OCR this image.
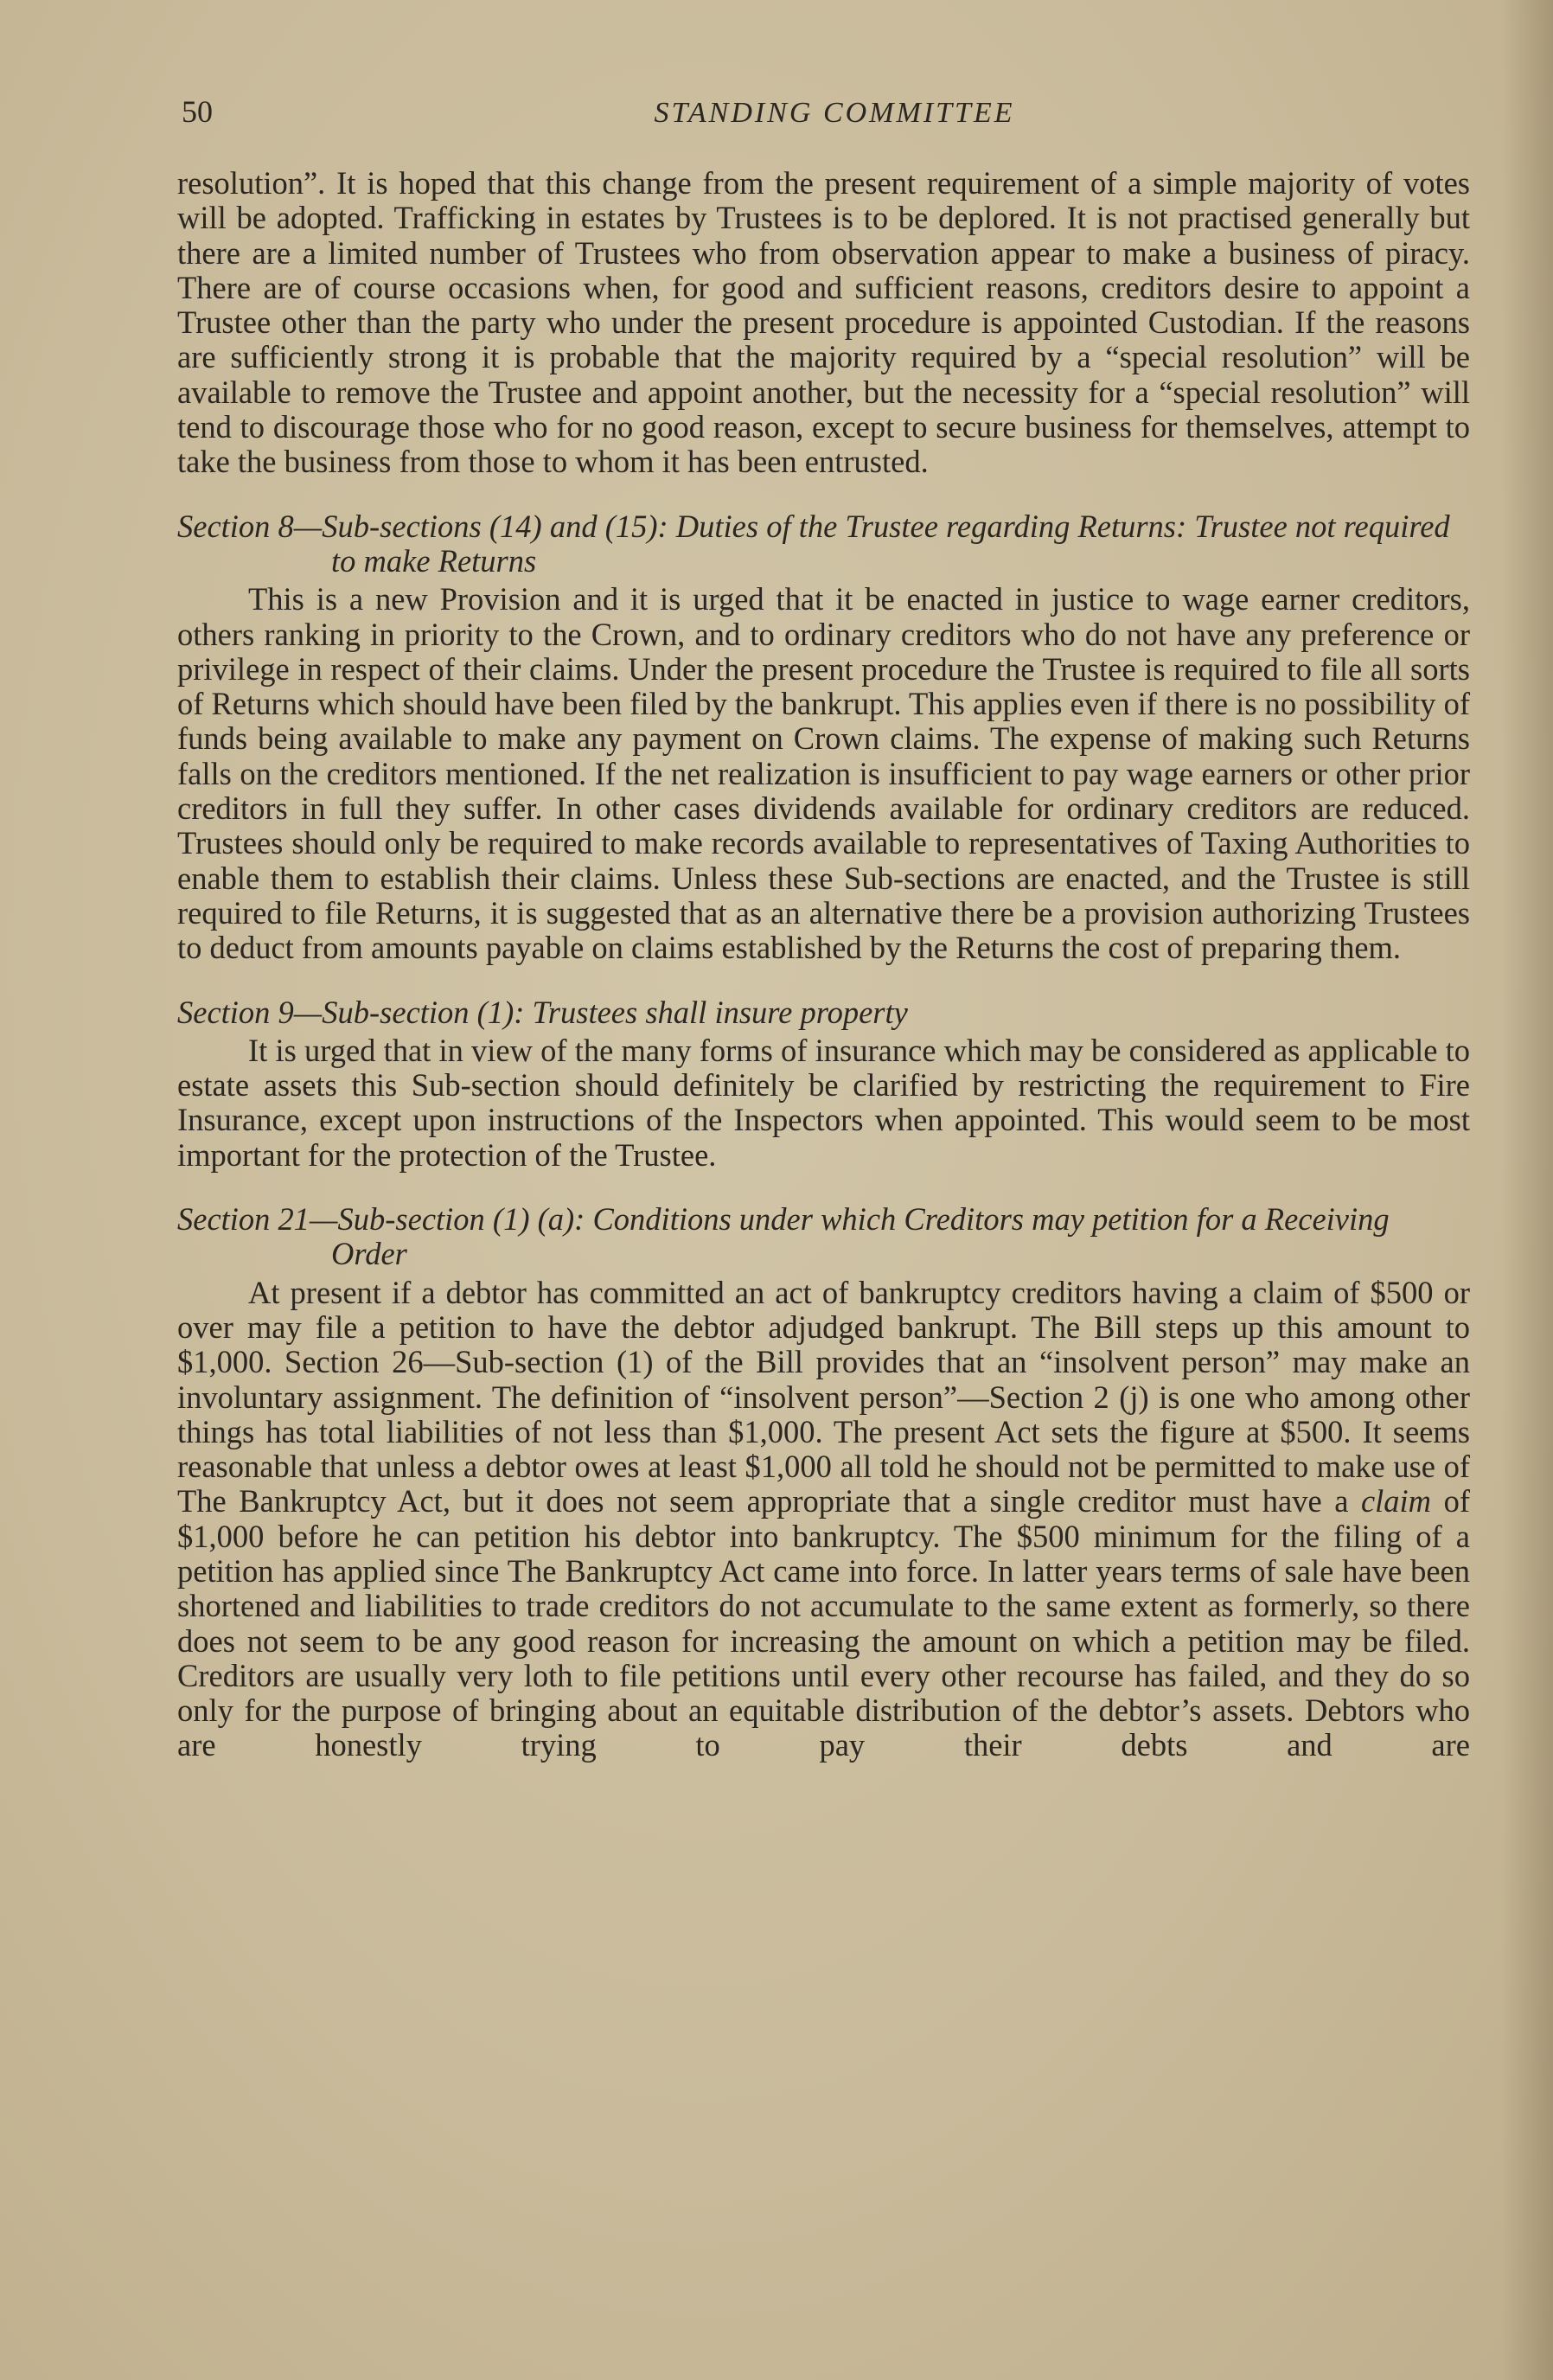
50	STANDING COMMITTEE

resolution”. It is hoped that this change from the present requirement of a simple majority of votes will be adopted. Trafficking in estates by Trustees is to be deplored. It is not practised generally but there are a limited number of Trustees who from observation appear to make a business of piracy. There are of course occasions when, for good and sufficient reasons, creditors desire to appoint a Trustee other than the party who under the present procedure is appointed Custodian. If the reasons are sufficiently strong it is probable that the majority required by a “special resolution” will be available to remove the Trustee and appoint another, but the necessity for a “special resolution” will tend to discourage those who for no good reason, except to secure business for themselves, attempt to take the business from those to whom it has been entrusted.

Section 8—Sub-sections (14) and (15): Duties of the Trustee regarding Returns: Trustee not required to make Returns

This is a new Provision and it is urged that it be enacted in justice to wage earner creditors, others ranking in priority to the Crown, and to ordinary creditors who do not have any preference or privilege in respect of their claims. Under the present procedure the Trustee is required to file all sorts of Returns which should have been filed by the bankrupt. This applies even if there is no possibility of funds being available to make any payment on Crown claims. The expense of making such Returns falls on the creditors mentioned. If the net realization is insufficient to pay wage earners or other prior creditors in full they suffer. In other cases dividends available for ordinary creditors are reduced. Trustees should only be required to make records available to representatives of Taxing Authorities to enable them to establish their claims. Unless these Sub-sections are enacted, and the Trustee is still required to file Returns, it is suggested that as an alternative there be a provision authorizing Trustees to deduct from amounts payable on claims established by the Returns the cost of preparing them.

Section 9—Sub-section (1): Trustees shall insure property

It is urged that in view of the many forms of insurance which may be considered as applicable to estate assets this Sub-section should definitely be clarified by restricting the requirement to Fire Insurance, except upon instructions of the Inspectors when appointed. This would seem to be most important for the protection of the Trustee.

Section 21—Sub-section (1) (a): Conditions under which Creditors may petition for a Receiving Order

At present if a debtor has committed an act of bankruptcy creditors having a claim of $500 or over may file a petition to have the debtor adjudged bankrupt. The Bill steps up this amount to $1,000. Section 26—Sub-section (1) of the Bill provides that an “insolvent person” may make an involuntary assignment. The definition of “insolvent person”—Section 2 (j) is one who among other things has total liabilities of not less than $1,000. The present Act sets the figure at $500. It seems reasonable that unless a debtor owes at least $1,000 all told he should not be permitted to make use of The Bankruptcy Act, but it does not seem appropriate that a single creditor must have a claim of $1,000 before he can petition his debtor into bankruptcy. The $500 minimum for the filing of a petition has applied since The Bankruptcy Act came into force. In latter years terms of sale have been shortened and liabilities to trade creditors do not accumulate to the same extent as formerly, so there does not seem to be any good reason for increasing the amount on which a petition may be filed. Creditors are usually very loth to file petitions until every other recourse has failed, and they do so only for the purpose of bringing about an equitable distribution of the debtor’s assets. Debtors who are honestly trying to pay their debts and are
